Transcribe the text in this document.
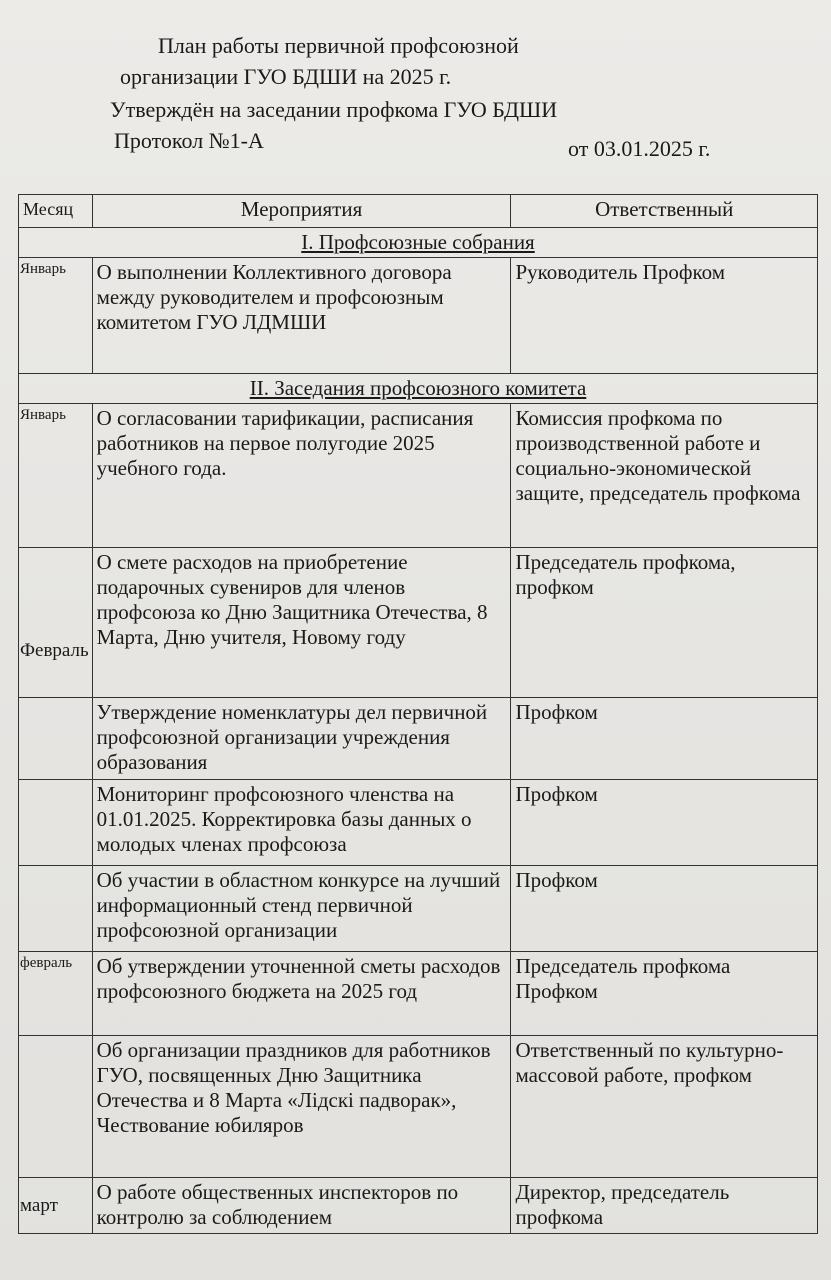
План работы первичной профсоюзной
организации ГУО БДШИ на 2025 г.
Утверждён на заседании профкома ГУО БДШИ
Протокол №1-А	от 03.01.2025 г.
Месяц	Мероприятия	Ответственный
I. Профсоюзные собрания		
Январь	О выполнении Коллективного договора между руководителем и профсоюзным комитетом ГУО ЛДМШИ	Руководитель Профком
II. Заседания профсоюзного комитета		
Январь	О согласовании тарификации, расписания работников на первое полугодие 2025 учебного года.	Комиссия профкома по производственной работе и социально-экономической защите, председатель профкома
Февраль	О смете расходов на приобретение подарочных сувениров для членов профсоюза ко Дню Защитника Отечества, 8 Марта, Дню учителя, Новому году	Председатель профкома, профком
	Утверждение номенклатуры дел первичной профсоюзной организации учреждения образования	Профком
	Мониторинг профсоюзного членства на 01.01.2025. Корректировка базы данных о молодых членах профсоюза	Профком
	Об участии в областном конкурсе на лучший информационный стенд первичной профсоюзной организации	Профком
февраль	Об утверждении уточненной сметы расходов профсоюзного бюджета на 2025 год	Председатель профкома Профком
	Об организации праздников для работников ГУО, посвященных Дню Защитника Отечества и 8 Марта «Лідскі падворак», Чествование юбиляров	Ответственный по культурно-массовой работе, профком
март	О работе общественных инспекторов по контролю за соблюдением	Директор, председатель профкома
